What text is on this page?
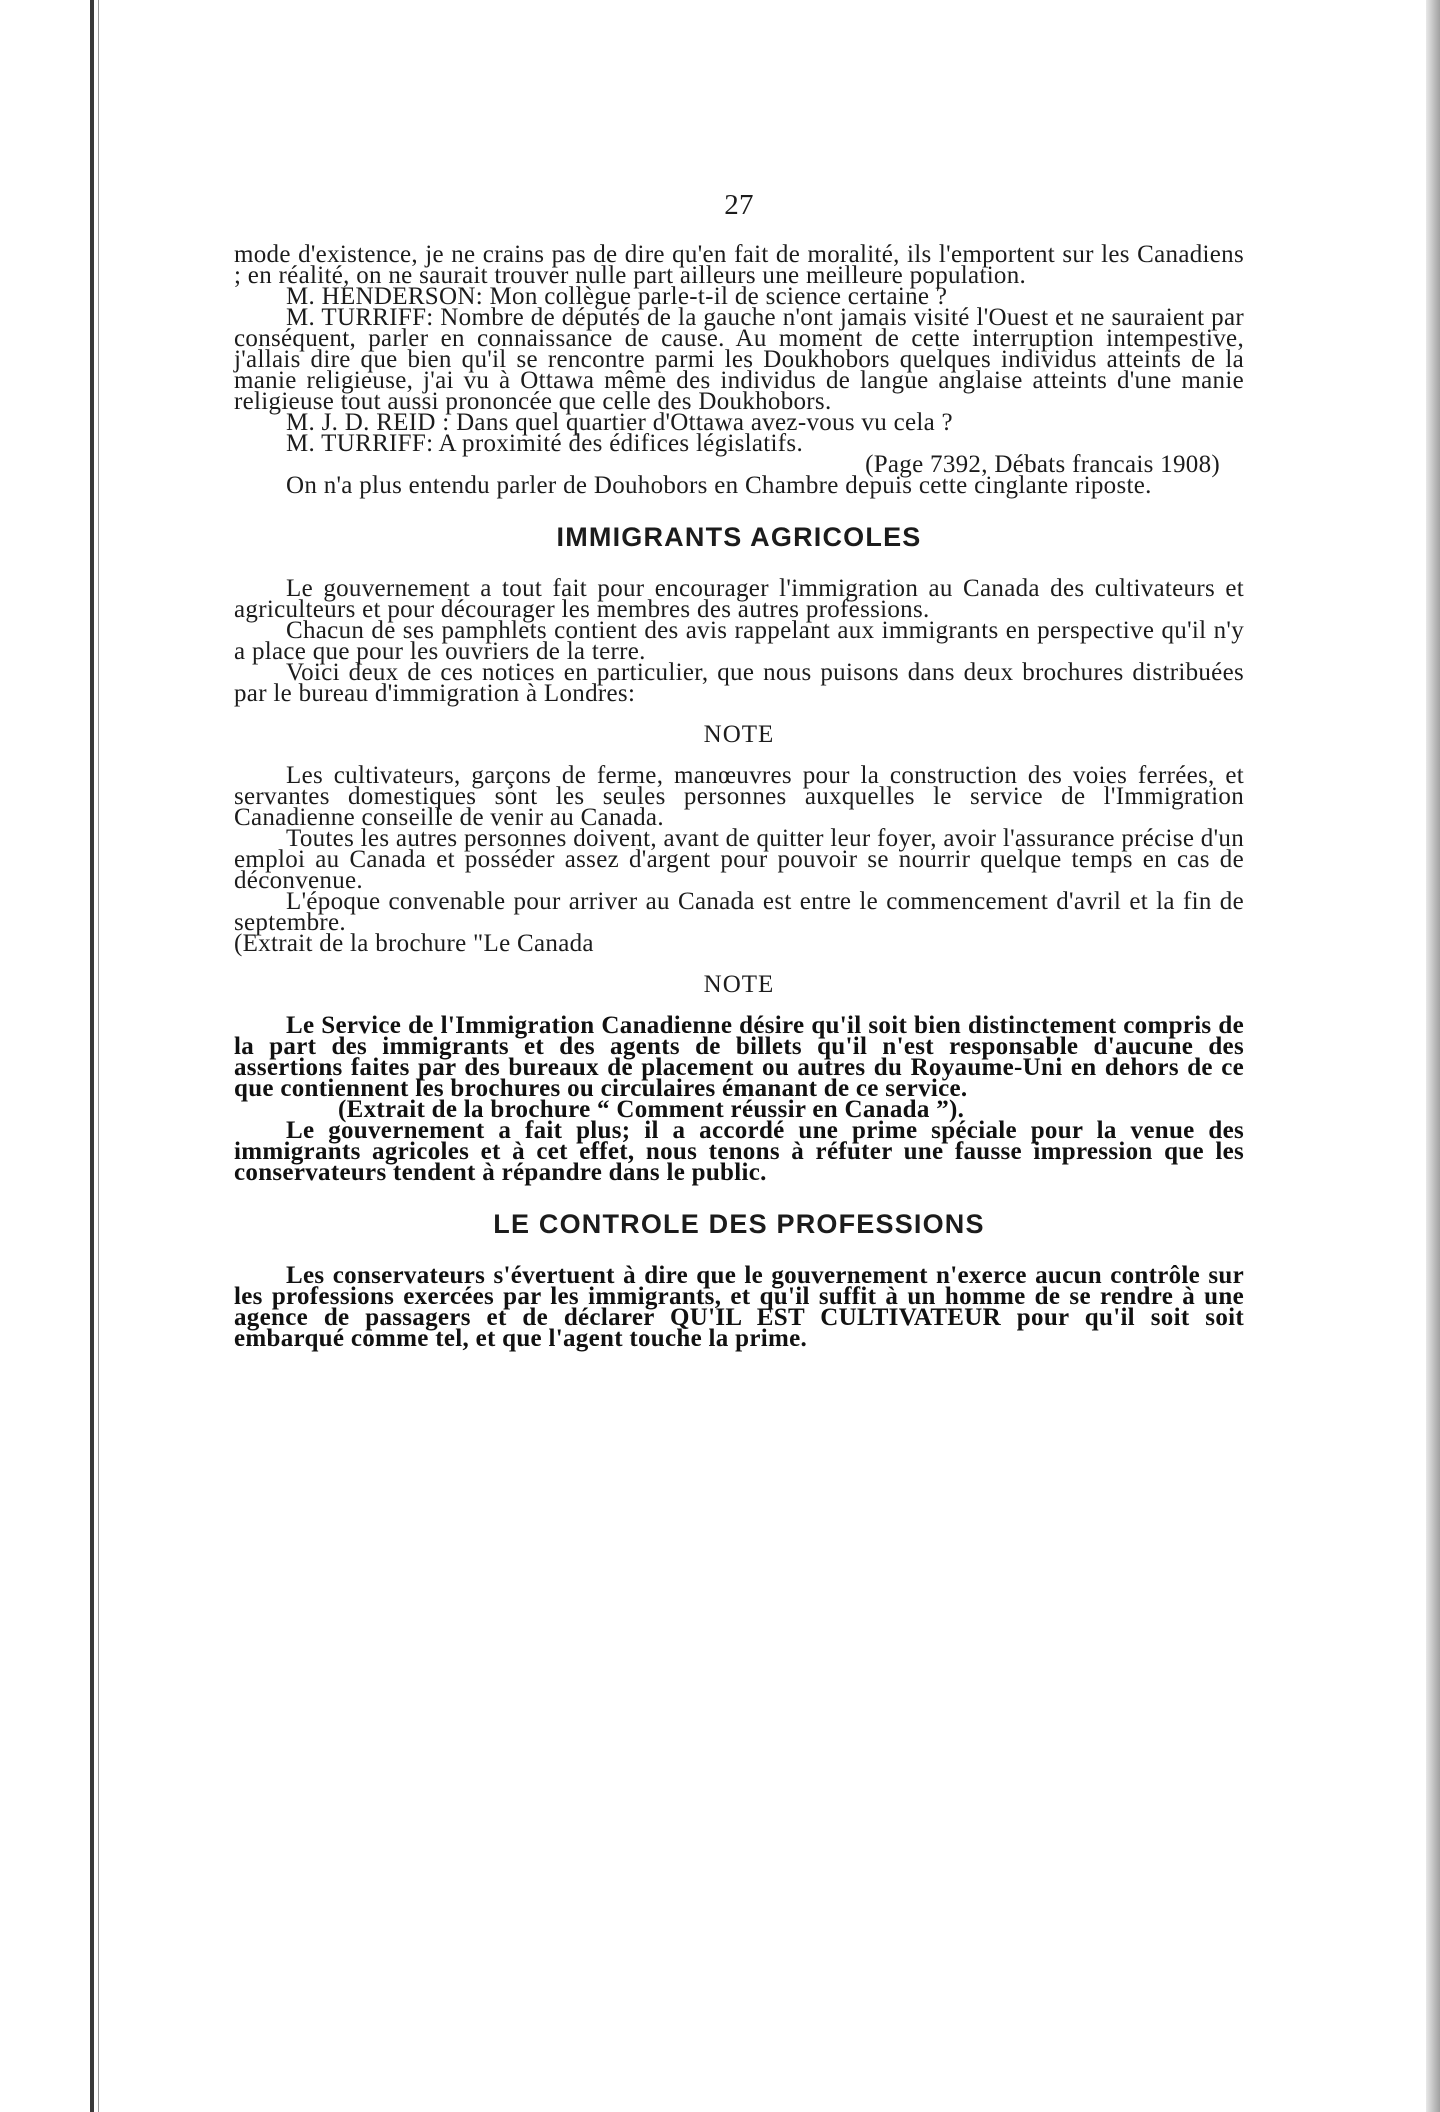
27

mode d'existence, je ne crains pas de dire qu'en fait de moralité, ils l'emportent sur les Canadiens ; en réalité, on ne saurait trouver nulle part ailleurs une meilleure population.

M. HENDERSON: Mon collègue parle-t-il de science certaine ?

M. TURRIFF: Nombre de députés de la gauche n'ont jamais visité l'Ouest et ne sauraient par conséquent, parler en connaissance de cause. Au moment de cette interruption intempestive, j'allais dire que bien qu'il se rencontre parmi les Doukhobors quelques individus atteints de la manie religieuse, j'ai vu à Ottawa même des individus de langue anglaise atteints d'une manie religieuse tout aussi prononcée que celle des Doukhobors.

M. J. D. REID : Dans quel quartier d'Ottawa avez-vous vu cela ?

M. TURRIFF: A proximité des édifices législatifs.

(Page 7392, Débats francais 1908)

On n'a plus entendu parler de Douhobors en Chambre depuis cette cinglante riposte.

IMMIGRANTS AGRICOLES

Le gouvernement a tout fait pour encourager l'immigration au Canada des cultivateurs et agriculteurs et pour décourager les membres des autres professions.

Chacun de ses pamphlets contient des avis rappelant aux immigrants en perspective qu'il n'y a place que pour les ouvriers de la terre.

Voici deux de ces notices en particulier, que nous puisons dans deux brochures distribuées par le bureau d'immigration à Londres:

NOTE

Les cultivateurs, garçons de ferme, manœuvres pour la construction des voies ferrées, et servantes domestiques sont les seules personnes auxquelles le service de l'Immigration Canadienne conseille de venir au Canada.

Toutes les autres personnes doivent, avant de quitter leur foyer, avoir l'assurance précise d'un emploi au Canada et posséder assez d'argent pour pouvoir se nourrir quelque temps en cas de déconvenue.

L'époque convenable pour arriver au Canada est entre le commencement d'avril et la fin de septembre.

(Extrait de la brochure "Le Canada

NOTE

Le Service de l'Immigration Canadienne désire qu'il soit bien distinctement compris de la part des immigrants et des agents de billets qu'il n'est responsable d'aucune des assertions faites par des bureaux de placement ou autres du Royaume-Uni en dehors de ce que contiennent les brochures ou circulaires émanant de ce service.

(Extrait de la brochure “ Comment réussir en Canada ”).

Le gouvernement a fait plus; il a accordé une prime spéciale pour la venue des immigrants agricoles et à cet effet, nous tenons à réfuter une fausse impression que les conservateurs tendent à répandre dans le public.

LE CONTROLE DES PROFESSIONS

Les conservateurs s'évertuent à dire que le gouvernement n'exerce aucun contrôle sur les professions exercées par les immigrants, et qu'il suffit à un homme de se rendre à une agence de passagers et de déclarer QU'IL EST CULTIVATEUR pour qu'il soit soit embarqué comme tel, et que l'agent touche la prime.
